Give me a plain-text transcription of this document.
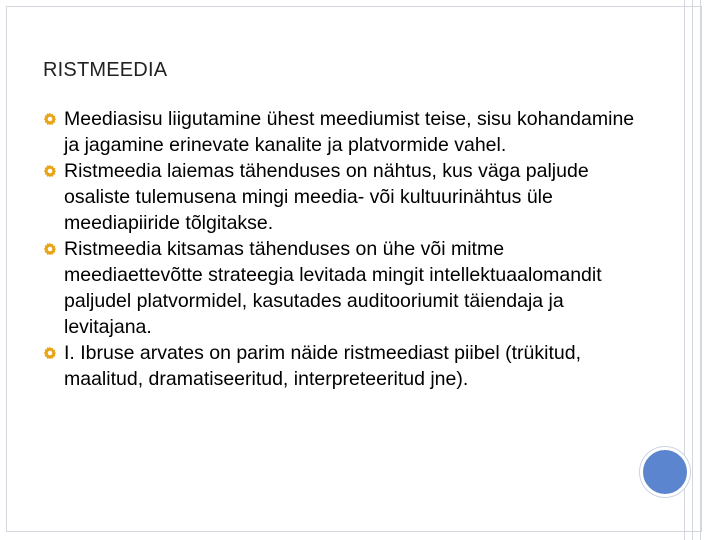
RISTMEEDIA
Meediasisu liigutamine ühest meediumist teise, sisu kohandamine ja jagamine erinevate kanalite ja platvormide vahel.
Ristmeedia laiemas tähenduses on nähtus, kus väga paljude osaliste tulemusena mingi meedia- või kultuurinähtus üle meediapiiride tõlgitakse.
Ristmeedia kitsamas tähenduses on ühe või mitme meediaettevõtte strateegia levitada mingit intellektuaalomandit paljudel platvormidel, kasutades auditooriumit täiendaja ja levitajana.
I. Ibruse arvates on parim näide ristmeediast piibel (trükitud, maalitud, dramatiseeritud, interpreteeritud jne).
